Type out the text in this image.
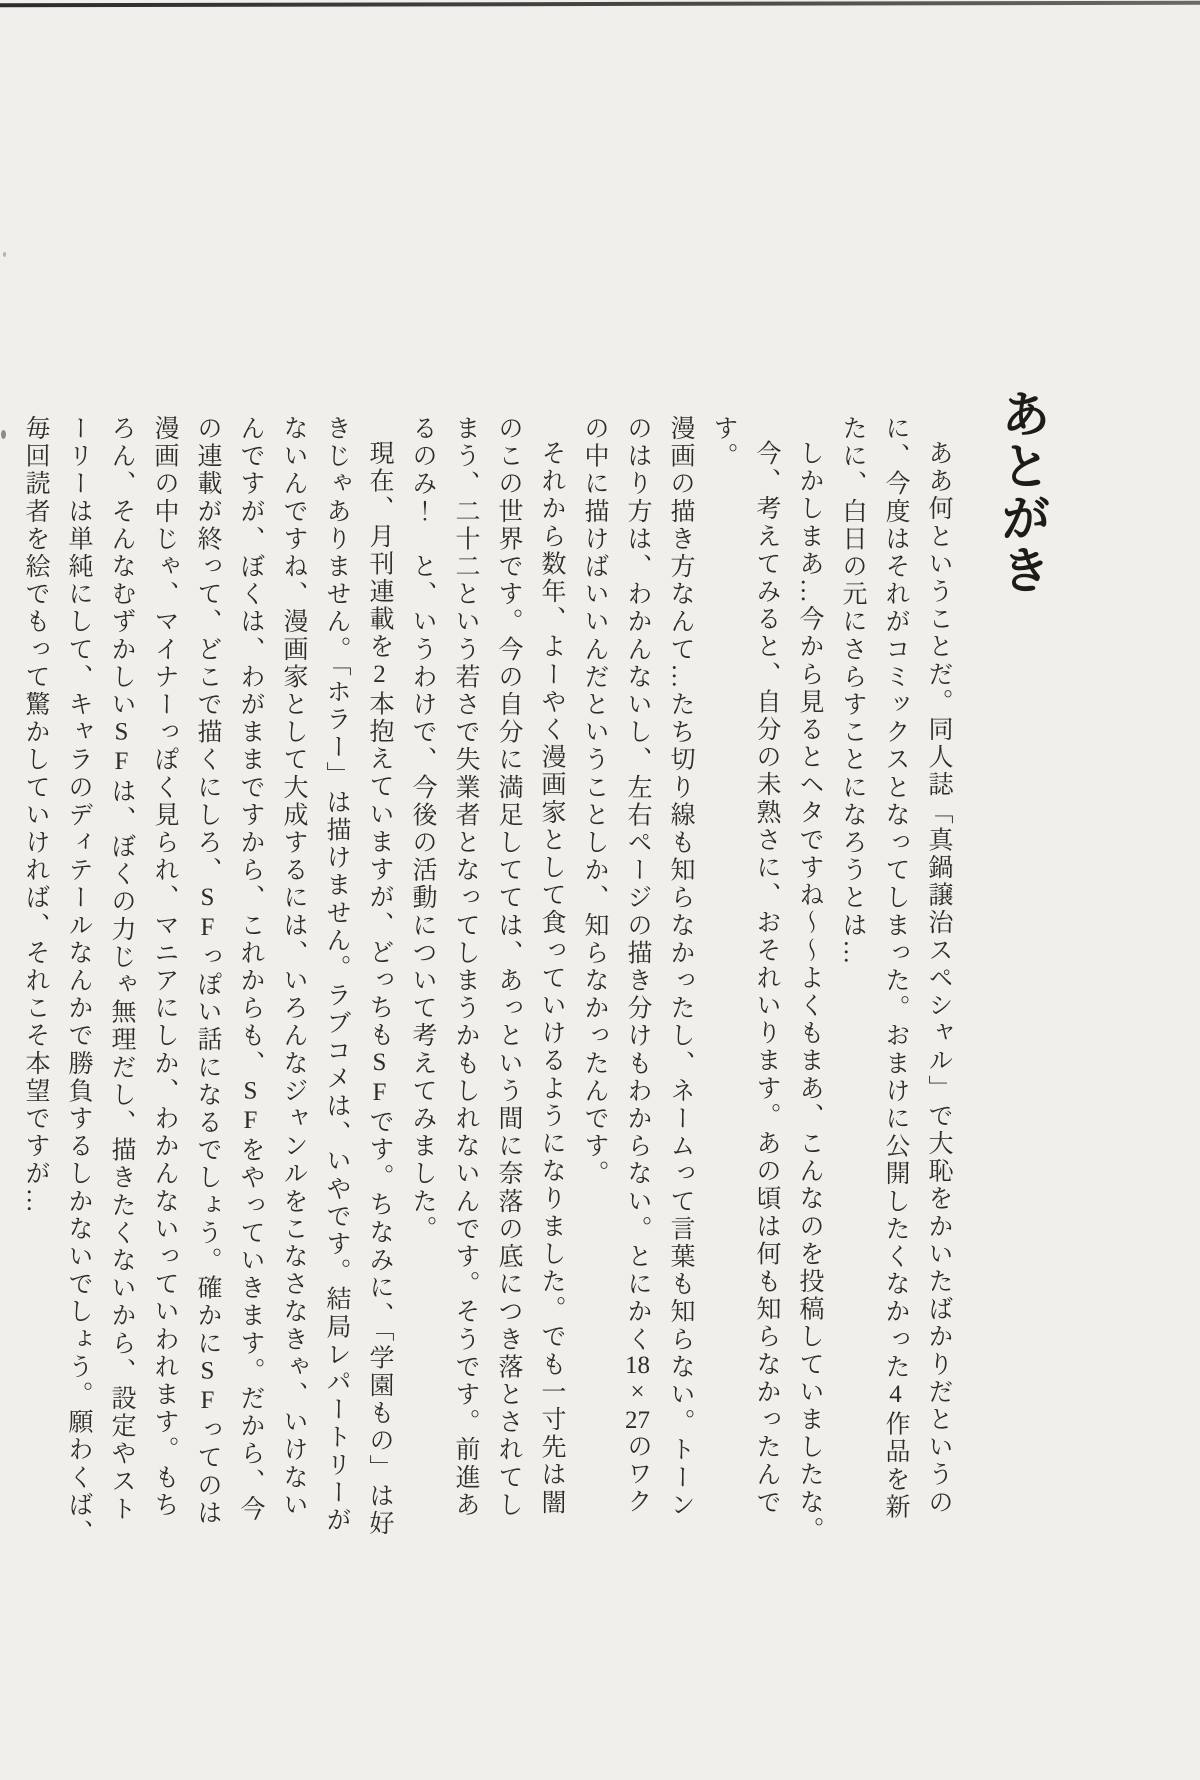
あとがき

ああ何ということだ。同人誌「真鍋譲治スペシャル」で大恥をかいたばかりだというの

に、今度はそれがコミックスとなってしまった。おまけに公開したくなかった4作品を新

たに、白日の元にさらすことになろうとは…

しかしまあ…今から見るとヘタですね〜〜よくもまあ、こんなのを投稿していましたな。

今、考えてみると、自分の未熟さに、おそれいります。あの頃は何も知らなかったんです。

漫画の描き方なんて…たち切り線も知らなかったし、ネームって言葉も知らない。トーン

のはり方は、わかんないし、左右ページの描き分けもわからない。とにかく18×27のワク

の中に描けばいいんだということしか、知らなかったんです。

それから数年、よーやく漫画家として食っていけるようになりました。でも一寸先は闇

のこの世界です。今の自分に満足してては、あっという間に奈落の底につき落とされてし

まう、二十二という若さで失業者となってしまうかもしれないんです。そうです。前進あ

るのみ！　と、いうわけで、今後の活動について考えてみました。

現在、月刊連載を2本抱えていますが、どっちもSFです。ちなみに、「学園もの」は好

きじゃありません。「ホラー」は描けません。ラブコメは、いやです。結局レパートリーが

ないんですね、漫画家として大成するには、いろんなジャンルをこなさなきゃ、いけない

んですが、ぼくは、わがままですから、これからも、SFをやっていきます。だから、今

の連載が終って、どこで描くにしろ、SFっぽい話になるでしょう。確かにSFってのは

漫画の中じゃ、マイナーっぽく見られ、マニアにしか、わかんないっていわれます。もち

ろん、そんなむずかしいSFは、ぼくの力じゃ無理だし、描きたくないから、設定やスト

ーリーは単純にして、キャラのディテールなんかで勝負するしかないでしょう。願わくば、

毎回読者を絵でもって驚かしていければ、それこそ本望ですが…
